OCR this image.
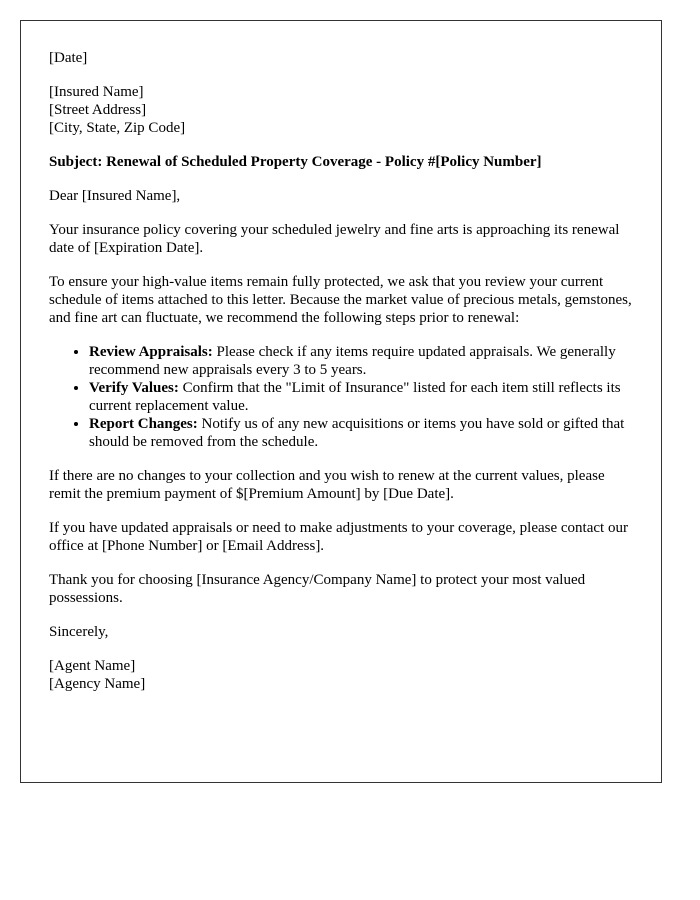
[Date]

[Insured Name]
[Street Address]
[City, State, Zip Code]

Subject: Renewal of Scheduled Property Coverage - Policy #[Policy Number]

Dear [Insured Name],

Your insurance policy covering your scheduled jewelry and fine arts is approaching its renewal date of [Expiration Date].

To ensure your high-value items remain fully protected, we ask that you review your current schedule of items attached to this letter. Because the market value of precious metals, gemstones, and fine art can fluctuate, we recommend the following steps prior to renewal:

• Review Appraisals: Please check if any items require updated appraisals. We generally recommend new appraisals every 3 to 5 years.
• Verify Values: Confirm that the "Limit of Insurance" listed for each item still reflects its current replacement value.
• Report Changes: Notify us of any new acquisitions or items you have sold or gifted that should be removed from the schedule.

If there are no changes to your collection and you wish to renew at the current values, please remit the premium payment of $[Premium Amount] by [Due Date].

If you have updated appraisals or need to make adjustments to your coverage, please contact our office at [Phone Number] or [Email Address].

Thank you for choosing [Insurance Agency/Company Name] to protect your most valued possessions.

Sincerely,

[Agent Name]
[Agency Name]
